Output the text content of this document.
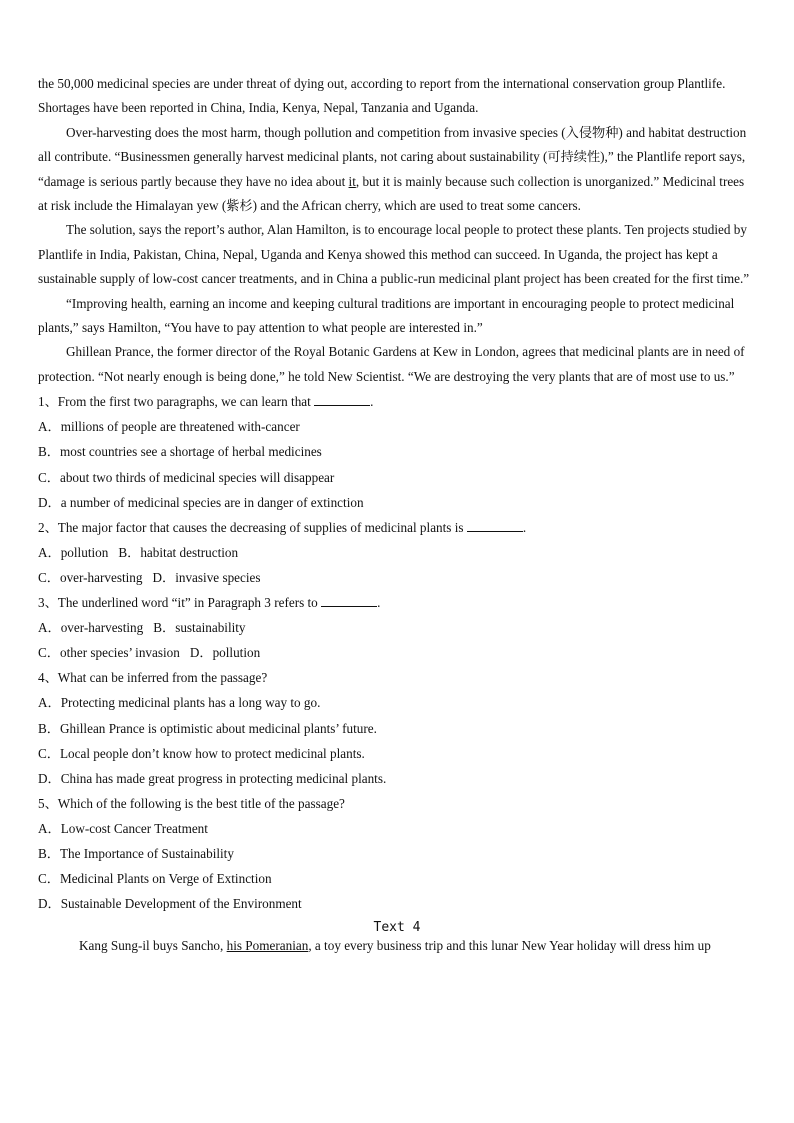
the 50,000 medicinal species are under threat of dying out, according to report from the international conservation group Plantlife. Shortages have been reported in China, India, Kenya, Nepal, Tanzania and Uganda.

Over-harvesting does the most harm, though pollution and competition from invasive species (入侵物种) and habitat destruction all contribute. “Businessmen generally harvest medicinal plants, not caring about sustainability (可持续性),” the Plantlife report says, “damage is serious partly because they have no idea about it, but it is mainly because such collection is unorganized.” Medicinal trees at risk include the Himalayan yew (紫杉) and the African cherry, which are used to treat some cancers.

The solution, says the report’s author, Alan Hamilton, is to encourage local people to protect these plants. Ten projects studied by Plantlife in India, Pakistan, China, Nepal, Uganda and Kenya showed this method can succeed. In Uganda, the project has kept a sustainable supply of low-cost cancer treatments, and in China a public-run medicinal plant project has been created for the first time.”

“Improving health, earning an income and keeping cultural traditions are important in encouraging people to protect medicinal plants,” says Hamilton, “You have to pay attention to what people are interested in.”

Ghillean Prance, the former director of the Royal Botanic Gardens at Kew in London, agrees that medicinal plants are in need of protection. “Not nearly enough is being done,” he told New Scientist. “We are destroying the very plants that are of most use to us.”

1、From the first two paragraphs, we can learn that	.
A．millions of people are threatened with-cancer
B．most countries see a shortage of herbal medicines
C．about two thirds of medicinal species will disappear
D．a number of medicinal species are in danger of extinction
2、The major factor that causes the decreasing of supplies of medicinal plants is	.
A．pollution B．habitat destruction
C．over-harvesting D．invasive species
3、The underlined word “it” in Paragraph 3 refers to	.
A．over-harvesting B．sustainability
C．other species’ invasion D．pollution
4、What can be inferred from the passage?
A．Protecting medicinal plants has a long way to go.
B．Ghillean Prance is optimistic about medicinal plants’ future.
C．Local people don’t know how to protect medicinal plants.
D．China has made great progress in protecting medicinal plants.
5、Which of the following is the best title of the passage?
A．Low-cost Cancer Treatment
B．The Importance of Sustainability
C．Medicinal Plants on Verge of Extinction
D．Sustainable Development of the Environment
Text 4

Kang Sung-il buys Sancho, his Pomeranian, a toy every business trip and this lunar New Year holiday will dress him up
